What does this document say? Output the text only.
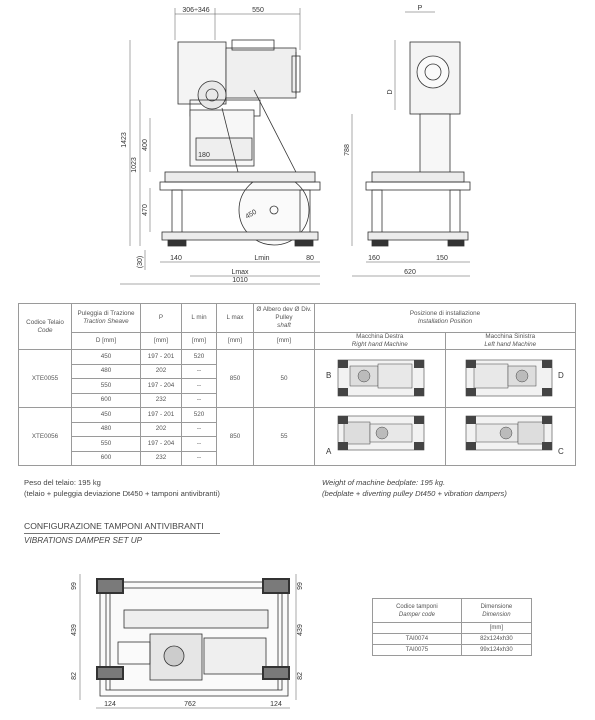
306÷346	550	P
1423
1023
400
470
(30)
180
450
788
D
140	Lmin	80
Lmax
1010
160	150
620
Codice Telaio
Code	Puleggia di Trazione
Traction Sheave	P	L min	L max	Ø Albero dev Ø Div. Pulley
shaft	Posizione di installazione
Installation Position	

	D [mm]	[mm]	[mm]	[mm]	[mm]	Macchina Destra
Right hand Machine	Macchina Sinistra
Left hand Machine

XTE0055	450	197 - 201	520	850	50	B	D

	480	202	--				
	550	197 - 204	--				
	600	232	--				
XTE0056	450	197 - 201	520	850	55	A	C

	480	202	--				
	550	197 - 204	--				
	600	232	--				
Peso del telaio: 195 kg
(telaio + puleggia deviazione Dt450 + tamponi antivibranti)
Weight of machine bedplate: 195 kg.
(bedplate + diverting pulley Dt450 + vibration dampers)
CONFIGURAZIONE TAMPONI ANTIVIBRANTI
VIBRATIONS DAMPER SET UP
99
439
82
99
439
82
124	762	124
Codice tamponi
Damper code	Dimensione
Dimension

	[mm]
TAI0074	82x124xh30
TAI0075	99x124xh30
